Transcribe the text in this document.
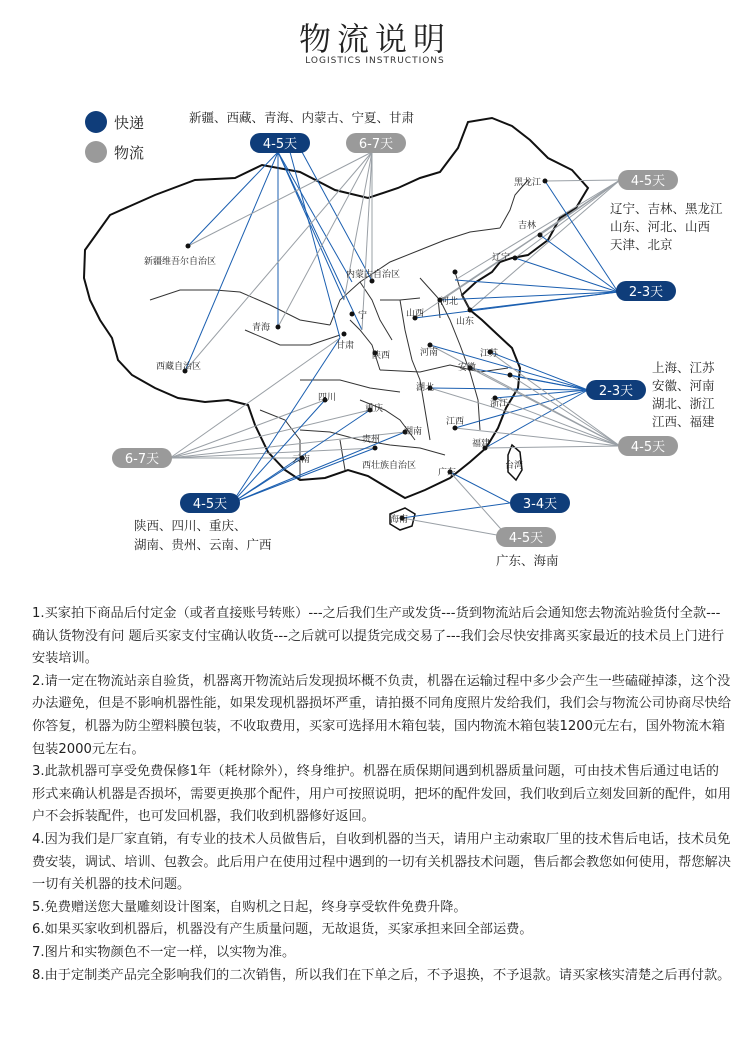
物流说明
LOGISTICS INSTRUCTIONS
新疆维吾尔自治区
西藏自治区
青海
甘肃
内蒙古自治区
宁
黑龙江
吉林
辽宁
河北
山西
山东
陕西	河南	江苏
安徽
湖北
浙江
四川
重庆
贵州
湖南
江西
福建
台湾
云南
西壮族自治区
广东
海南
快递
物流
新疆、西藏、青海、内蒙古、宁夏、甘肃
辽宁、吉林、黑龙江
山东、河北、山西
天津、北京
上海、江苏
安徽、河南
湖北、浙江
江西、福建
陕西、四川、重庆、
湖南、贵州、云南、广西
广东、海南
4-5天	6-7天
4-5天
2-3天
2-3天
4-5天
6-7天
4-5天	3-4天
4-5天

1.买家拍下商品后付定金（或者直接账号转账）---之后我们生产或发货---货到物流站后会通知您去物流站验货付全款---确认货物没有问 题后买家支付宝确认收货---之后就可以提货完成交易了---我们会尽快安排离买家最近的技术员上门进行安装培训。

2.请一定在物流站亲自验货，机器离开物流站后发现损坏概不负责，机器在运输过程中多少会产生一些磕碰掉漆，这个没办法避免，但是不影响机器性能，如果发现机器损坏严重，请拍摄不同角度照片发给我们，我们会与物流公司协商尽快给你答复，机器为防尘塑料膜包装，不收取费用，买家可选择用木箱包装，国内物流木箱包装1200元左右，国外物流木箱包装2000元左右。

3.此款机器可享受免费保修1年（耗材除外），终身维护。机器在质保期间遇到机器质量问题，可由技术售后通过电话的形式来确认机器是否损坏，需要更换那个配件，用户可按照说明，把坏的配件发回，我们收到后立刻发回新的配件，如用户不会拆装配件，也可发回机器，我们收到机器修好返回。

4.因为我们是厂家直销，有专业的技术人员做售后，自收到机器的当天，请用户主动索取厂里的技术售后电话，技术员免费安装，调试、培训、包教会。此后用户在使用过程中遇到的一切有关机器技术问题，售后都会教您如何使用，帮您解决一切有关机器的技术问题。

5.免费赠送您大量雕刻设计图案，自购机之日起，终身享受软件免费升降。

6.如果买家收到机器后，机器没有产生质量问题，无故退货，买家承担来回全部运费。

7.图片和实物颜色不一定一样，以实物为准。

8.由于定制类产品完全影响我们的二次销售，所以我们在下单之后，不予退换，不予退款。请买家核实清楚之后再付款。
